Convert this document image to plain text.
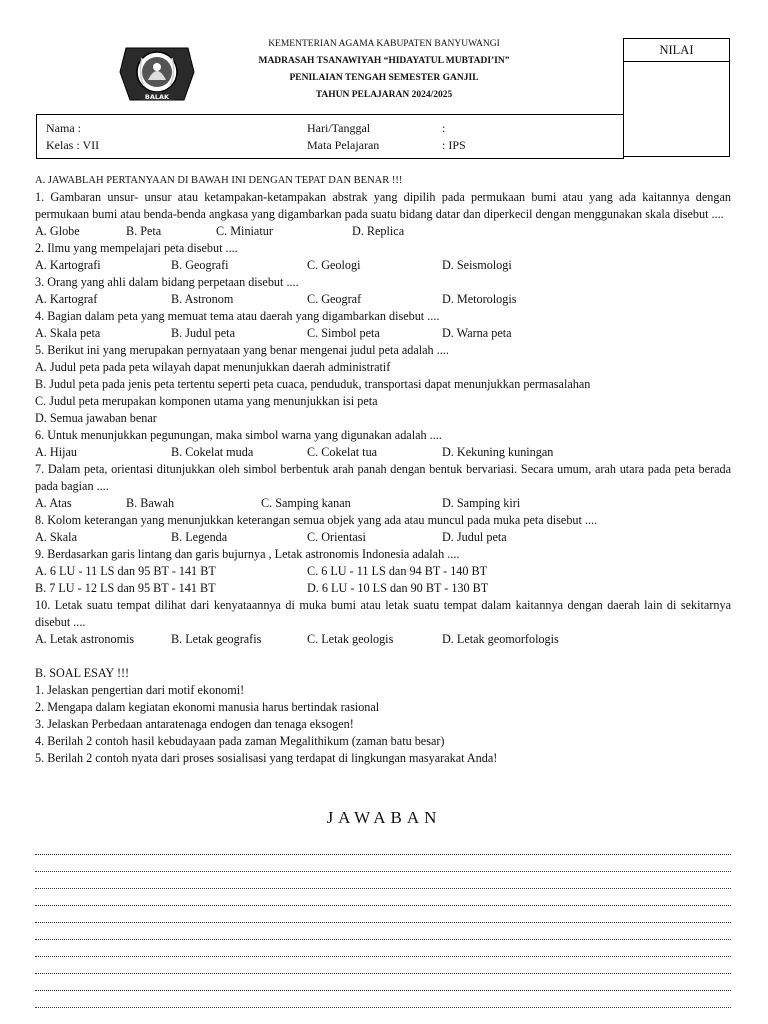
BALAK
KEMENTERIAN AGAMA KABUPATEN BANYUWANGI
MADRASAH TSANAWIYAH “HIDAYATUL MUBTADI’IN”
PENILAIAN TENGAH SEMESTER GANJIL
TAHUN PELAJARAN 2024/2025
NILAI
Nama :
Kelas : VII
Hari/Tanggal	:
Mata Pelajaran	: IPS
A. JAWABLAH PERTANYAAN DI BAWAH INI DENGAN TEPAT DAN BENAR !!!
1. Gambaran unsur- unsur atau ketampakan-ketampakan abstrak yang dipilih pada permukaan bumi atau yang ada kaitannya dengan permukaan bumi atau benda-benda angkasa yang digambarkan pada suatu bidang datar dan diperkecil dengan menggunakan skala disebut ....
A. Globe	B. Peta	C. Miniatur	D. Replica
2. Ilmu yang mempelajari peta disebut ....
A. Kartografi	B. Geografi	C. Geologi	D. Seismologi
3. Orang yang ahli dalam bidang perpetaan disebut ....
A. Kartograf	B. Astronom	C. Geograf	D. Metorologis
4. Bagian dalam peta yang memuat tema atau daerah yang digambarkan disebut ....
A. Skala peta	B. Judul peta	C. Simbol peta	D. Warna peta
5. Berikut ini yang merupakan pernyataan yang benar mengenai judul peta adalah ....
A. Judul peta pada peta wilayah dapat menunjukkan daerah administratif
B. Judul peta pada jenis peta tertentu seperti peta cuaca, penduduk, transportasi dapat menunjukkan permasalahan
C. Judul peta merupakan komponen utama yang menunjukkan isi peta
D. Semua jawaban benar
6. Untuk menunjukkan pegunungan, maka simbol warna yang digunakan adalah ....
A. Hijau	B. Cokelat muda	C. Cokelat tua	D. Kekuning kuningan
7. Dalam peta, orientasi ditunjukkan oleh simbol berbentuk arah panah dengan bentuk bervariasi. Secara umum, arah utara pada peta berada pada bagian ....
A. Atas	B. Bawah	C. Samping kanan	D. Samping kiri
8. Kolom keterangan yang menunjukkan keterangan semua objek yang ada atau muncul pada muka peta disebut ....
A. Skala	B. Legenda	C. Orientasi	D. Judul peta
9. Berdasarkan garis lintang dan garis bujurnya , Letak astronomis Indonesia adalah ....
A. 6 LU - 11 LS dan 95 BT - 141 BT	C. 6 LU - 11 LS dan 94 BT - 140 BT
B. 7 LU - 12 LS dan 95 BT - 141 BT	D. 6 LU - 10 LS dan 90 BT - 130 BT
10. Letak suatu tempat dilihat dari kenyataannya di muka bumi atau letak suatu tempat dalam kaitannya dengan daerah lain di sekitarnya disebut ....
A. Letak astronomis	B. Letak geografis	C. Letak geologis	D. Letak geomorfologis
B. SOAL ESAY !!!
1. Jelaskan pengertian dari motif ekonomi!
2. Mengapa dalam kegiatan ekonomi manusia harus bertindak rasional
3. Jelaskan Perbedaan antaratenaga endogen dan tenaga eksogen!
4. Berilah 2 contoh hasil kebudayaan pada zaman Megalithikum (zaman batu besar)
5. Berilah 2 contoh nyata dari proses sosialisasi yang terdapat di lingkungan masyarakat Anda!
JAWABAN
